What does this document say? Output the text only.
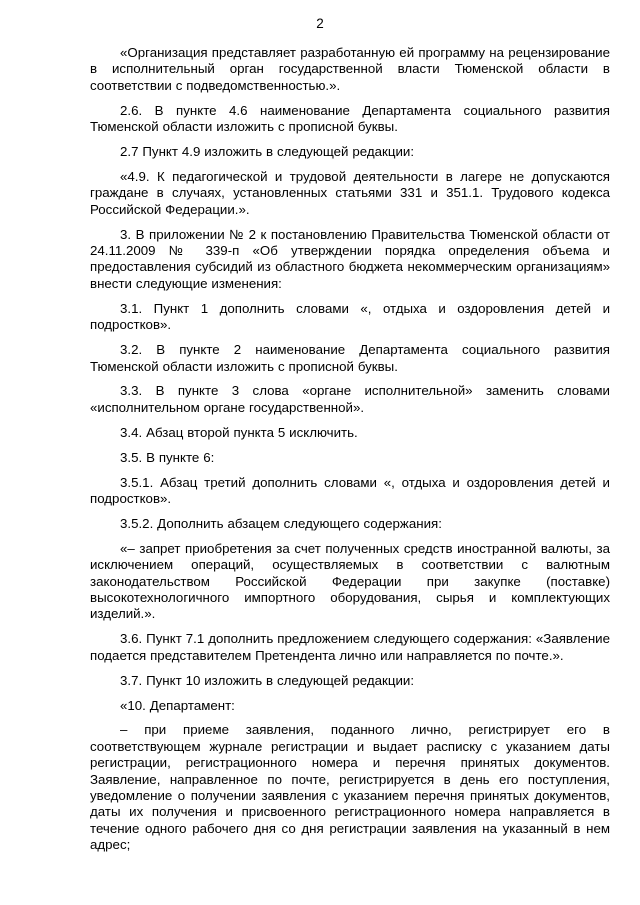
2

«Организация представляет разработанную ей программу на рецензирование в исполнительный орган государственной власти Тюменской области в соответствии с подведомственностью.».

2.6. В пункте 4.6 наименование Департамента социального развития Тюменской области изложить с прописной буквы.

2.7 Пункт 4.9 изложить в следующей редакции:

«4.9. К педагогической и трудовой деятельности в лагере не допускаются граждане в случаях, установленных статьями 331 и 351.1. Трудового кодекса Российской Федерации.».

3. В приложении № 2 к постановлению Правительства Тюменской области от 24.11.2009 № 339-п «Об утверждении порядка определения объема и предоставления субсидий из областного бюджета некоммерческим организациям» внести следующие изменения:

3.1. Пункт 1 дополнить словами «, отдыха и оздоровления детей и подростков».

3.2. В пункте 2 наименование Департамента социального развития Тюменской области изложить с прописной буквы.

3.3. В пункте 3 слова «органе исполнительной» заменить словами «исполнительном органе государственной».

3.4. Абзац второй пункта 5 исключить.

3.5. В пункте 6:

3.5.1. Абзац третий дополнить словами «, отдыха и оздоровления детей и подростков».

3.5.2. Дополнить абзацем следующего содержания:

«– запрет приобретения за счет полученных средств иностранной валюты, за исключением операций, осуществляемых в соответствии с валютным законодательством Российской Федерации при закупке (поставке) высокотехнологичного импортного оборудования, сырья и комплектующих изделий.».

3.6. Пункт 7.1 дополнить предложением следующего содержания: «Заявление подается представителем Претендента лично или направляется по почте.».

3.7. Пункт 10 изложить в следующей редакции:

«10. Департамент:

– при приеме заявления, поданного лично, регистрирует его в соответствующем журнале регистрации и выдает расписку с указанием даты регистрации, регистрационного номера и перечня принятых документов. Заявление, направленное по почте, регистрируется в день его поступления, уведомление о получении заявления с указанием перечня принятых документов, даты их получения и присвоенного регистрационного номера направляется в течение одного рабочего дня со дня регистрации заявления на указанный в нем адрес;
